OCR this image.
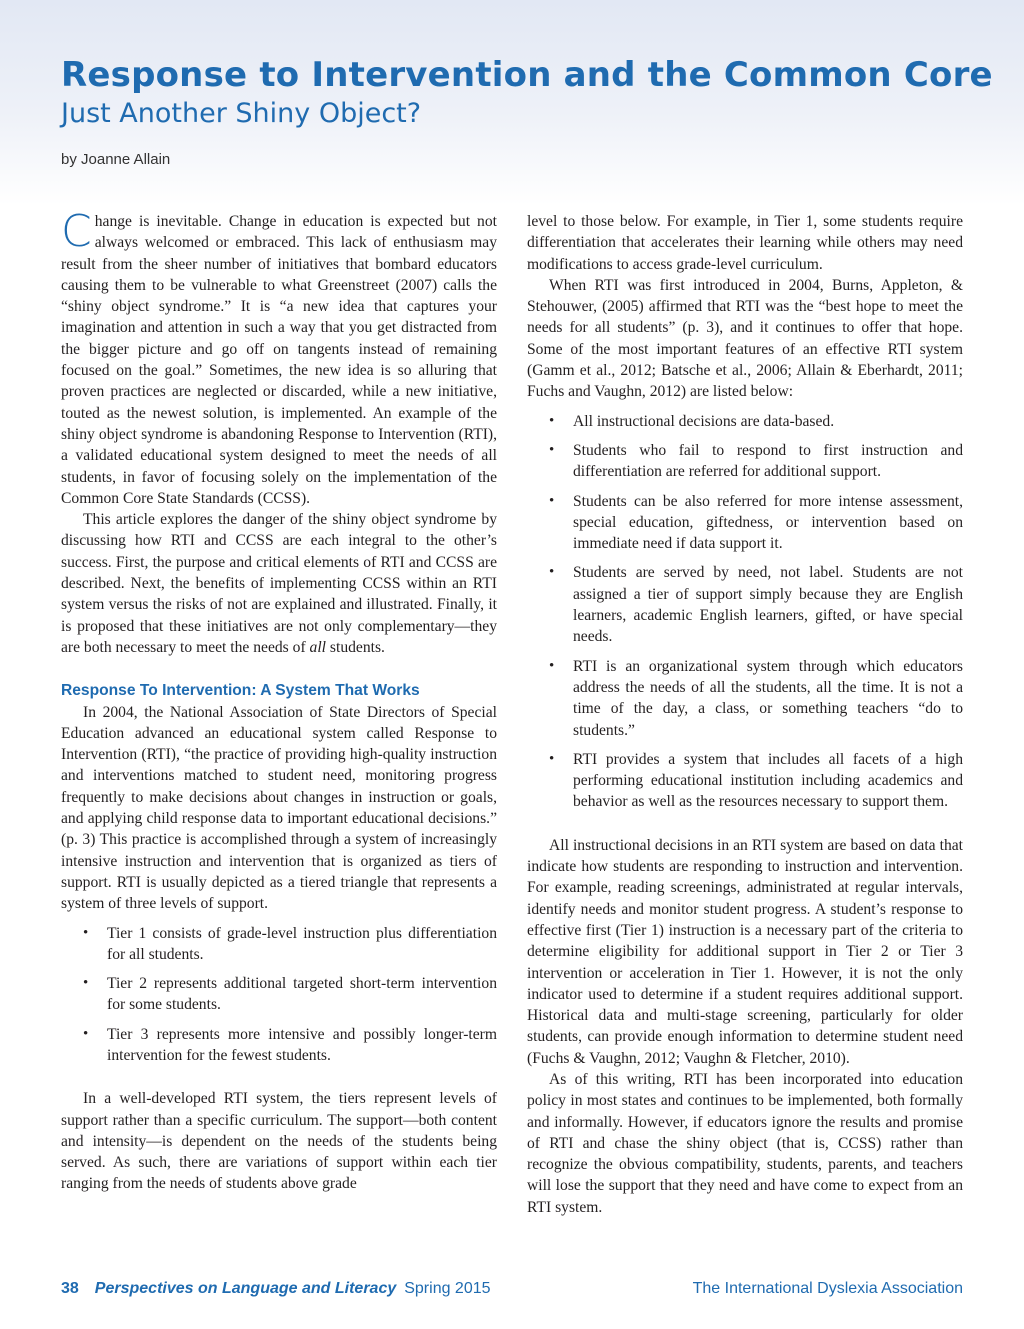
Response to Intervention and the Common Core
Just Another Shiny Object?
by Joanne Allain

Change is inevitable. Change in education is expected but not always welcomed or embraced. This lack of enthusiasm may result from the sheer number of initiatives that bombard educators causing them to be vulnerable to what Greenstreet (2007) calls the “shiny object syndrome.” It is “a new idea that captures your imagination and attention in such a way that you get distracted from the bigger picture and go off on tangents instead of remaining focused on the goal.” Sometimes, the new idea is so alluring that proven practices are neglected or discarded, while a new initiative, touted as the newest solution, is implemented. An example of the shiny object syndrome is abandoning Response to Intervention (RTI), a validated educational system designed to meet the needs of all students, in favor of focusing solely on the implementation of the Common Core State Standards (CCSS).

This article explores the danger of the shiny object syndrome by discussing how RTI and CCSS are each integral to the other’s success. First, the purpose and critical elements of RTI and CCSS are described. Next, the benefits of implementing CCSS within an RTI system versus the risks of not are explained and illustrated. Finally, it is proposed that these initiatives are not only complementary—they are both necessary to meet the needs of all students.

Response To Intervention: A System That Works

In 2004, the National Association of State Directors of Special Education advanced an educational system called Response to Intervention (RTI), “the practice of providing high-quality instruction and interventions matched to student need, monitoring progress frequently to make decisions about changes in instruction or goals, and applying child response data to important educational decisions.” (p. 3) This practice is accomplished through a system of increasingly intensive instruction and intervention that is organized as tiers of support. RTI is usually depicted as a tiered triangle that represents a system of three levels of support.

• Tier 1 consists of grade-level instruction plus differentiation for all students.
• Tier 2 represents additional targeted short-term intervention for some students.
• Tier 3 represents more intensive and possibly longer-term intervention for the fewest students.

In a well-developed RTI system, the tiers represent levels of support rather than a specific curriculum. The support—both content and intensity—is dependent on the needs of the students being served. As such, there are variations of support within each tier ranging from the needs of students above grade

level to those below. For example, in Tier 1, some students require differentiation that accelerates their learning while others may need modifications to access grade-level curriculum.

When RTI was first introduced in 2004, Burns, Appleton, & Stehouwer, (2005) affirmed that RTI was the “best hope to meet the needs for all students” (p. 3), and it continues to offer that hope. Some of the most important features of an effective RTI system (Gamm et al., 2012; Batsche et al., 2006; Allain & Eberhardt, 2011; Fuchs and Vaughn, 2012) are listed below:

• All instructional decisions are data-based.
• Students who fail to respond to first instruction and differentiation are referred for additional support.
• Students can be also referred for more intense assessment, special education, giftedness, or intervention based on immediate need if data support it.
• Students are served by need, not label. Students are not assigned a tier of support simply because they are English learners, academic English learners, gifted, or have special needs.
• RTI is an organizational system through which educators address the needs of all the students, all the time. It is not a time of the day, a class, or something teachers “do to students.”
• RTI provides a system that includes all facets of a high performing educational institution including academics and behavior as well as the resources necessary to support them.

All instructional decisions in an RTI system are based on data that indicate how students are responding to instruction and intervention. For example, reading screenings, administrated at regular intervals, identify needs and monitor student progress. A student’s response to effective first (Tier 1) instruction is a necessary part of the criteria to determine eligibility for additional support in Tier 2 or Tier 3 intervention or acceleration in Tier 1. However, it is not the only indicator used to determine if a student requires additional support. Historical data and multi-stage screening, particularly for older students, can provide enough information to determine student need (Fuchs & Vaughn, 2012; Vaughn & Fletcher, 2010).

As of this writing, RTI has been incorporated into education policy in most states and continues to be implemented, both formally and informally. However, if educators ignore the results and promise of RTI and chase the shiny object (that is, CCSS) rather than recognize the obvious compatibility, students, parents, and teachers will lose the support that they need and have come to expect from an RTI system.

38 Perspectives on Language and Literacy Spring 2015	The International Dyslexia Association
